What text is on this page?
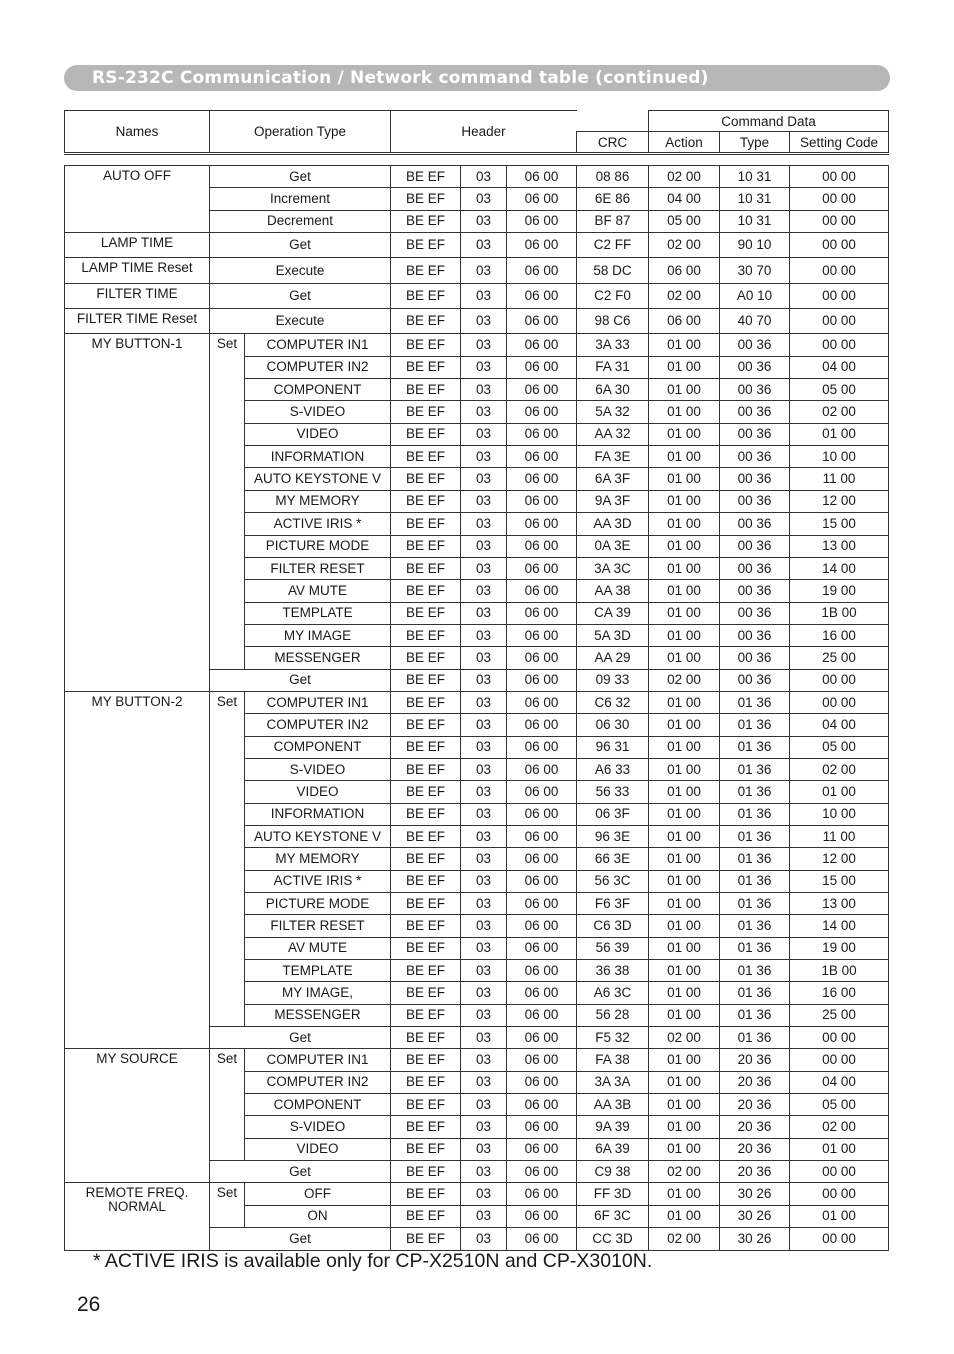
RS-232C Communication / Network command table (continued)
Names	Operation Type	Header		Command Data		
			CRC	Action	Type	Setting Code
AUTO OFF	Get		BE EF	03	06 00	08 86	02 00	10 31	00 00
	Increment		BE EF	03	06 00	6E 86	04 00	10 31	00 00
	Decrement		BE EF	03	06 00	BF 87	05 00	10 31	00 00

LAMP TIME	Get		BE EF	03	06 00	C2 FF	02 00	90 10	00 00

LAMP TIME Reset	Execute		BE EF	03	06 00	58 DC	06 00	30 70	00 00

FILTER TIME	Get		BE EF	03	06 00	C2 F0	02 00	A0 10	00 00

FILTER TIME Reset	Execute		BE EF	03	06 00	98 C6	06 00	40 70	00 00

MY BUTTON-1	Set	COMPUTER IN1	BE EF	03	06 00	3A 33	01 00	00 36	00 00
		COMPUTER IN2	BE EF	03	06 00	FA 31	01 00	00 36	04 00
		COMPONENT	BE EF	03	06 00	6A 30	01 00	00 36	05 00
		S-VIDEO	BE EF	03	06 00	5A 32	01 00	00 36	02 00
		VIDEO	BE EF	03	06 00	AA 32	01 00	00 36	01 00
		INFORMATION	BE EF	03	06 00	FA 3E	01 00	00 36	10 00
		AUTO KEYSTONE V	BE EF	03	06 00	6A 3F	01 00	00 36	11 00
		MY MEMORY	BE EF	03	06 00	9A 3F	01 00	00 36	12 00
		ACTIVE IRIS *	BE EF	03	06 00	AA 3D	01 00	00 36	15 00
		PICTURE MODE	BE EF	03	06 00	0A 3E	01 00	00 36	13 00
		FILTER RESET	BE EF	03	06 00	3A 3C	01 00	00 36	14 00
		AV MUTE	BE EF	03	06 00	AA 38	01 00	00 36	19 00
		TEMPLATE	BE EF	03	06 00	CA 39	01 00	00 36	1B 00
		MY IMAGE	BE EF	03	06 00	5A 3D	01 00	00 36	16 00
		MESSENGER	BE EF	03	06 00	AA 29	01 00	00 36	25 00
	Get		BE EF	03	06 00	09 33	02 00	00 36	00 00

MY BUTTON-2	Set	COMPUTER IN1	BE EF	03	06 00	C6 32	01 00	01 36	00 00
		COMPUTER IN2	BE EF	03	06 00	06 30	01 00	01 36	04 00
		COMPONENT	BE EF	03	06 00	96 31	01 00	01 36	05 00
		S-VIDEO	BE EF	03	06 00	A6 33	01 00	01 36	02 00
		VIDEO	BE EF	03	06 00	56 33	01 00	01 36	01 00
		INFORMATION	BE EF	03	06 00	06 3F	01 00	01 36	10 00
		AUTO KEYSTONE V	BE EF	03	06 00	96 3E	01 00	01 36	11 00
		MY MEMORY	BE EF	03	06 00	66 3E	01 00	01 36	12 00
		ACTIVE IRIS *	BE EF	03	06 00	56 3C	01 00	01 36	15 00
		PICTURE MODE	BE EF	03	06 00	F6 3F	01 00	01 36	13 00
		FILTER RESET	BE EF	03	06 00	C6 3D	01 00	01 36	14 00
		AV MUTE	BE EF	03	06 00	56 39	01 00	01 36	19 00
		TEMPLATE	BE EF	03	06 00	36 38	01 00	01 36	1B 00
		MY IMAGE,	BE EF	03	06 00	A6 3C	01 00	01 36	16 00
		MESSENGER	BE EF	03	06 00	56 28	01 00	01 36	25 00
	Get		BE EF	03	06 00	F5 32	02 00	01 36	00 00

MY SOURCE	Set	COMPUTER IN1	BE EF	03	06 00	FA 38	01 00	20 36	00 00
		COMPUTER IN2	BE EF	03	06 00	3A 3A	01 00	20 36	04 00
		COMPONENT	BE EF	03	06 00	AA 3B	01 00	20 36	05 00
		S-VIDEO	BE EF	03	06 00	9A 39	01 00	20 36	02 00
		VIDEO	BE EF	03	06 00	6A 39	01 00	20 36	01 00
	Get		BE EF	03	06 00	C9 38	02 00	20 36	00 00

REMOTE FREQ.
NORMAL	Set	OFF	BE EF	03	06 00	FF 3D	01 00	30 26	00 00
		ON	BE EF	03	06 00	6F 3C	01 00	30 26	01 00
	Get		BE EF	03	06 00	CC 3D	02 00	30 26	00 00
* ACTIVE IRIS is available only for CP-X2510N and CP-X3010N.
26
